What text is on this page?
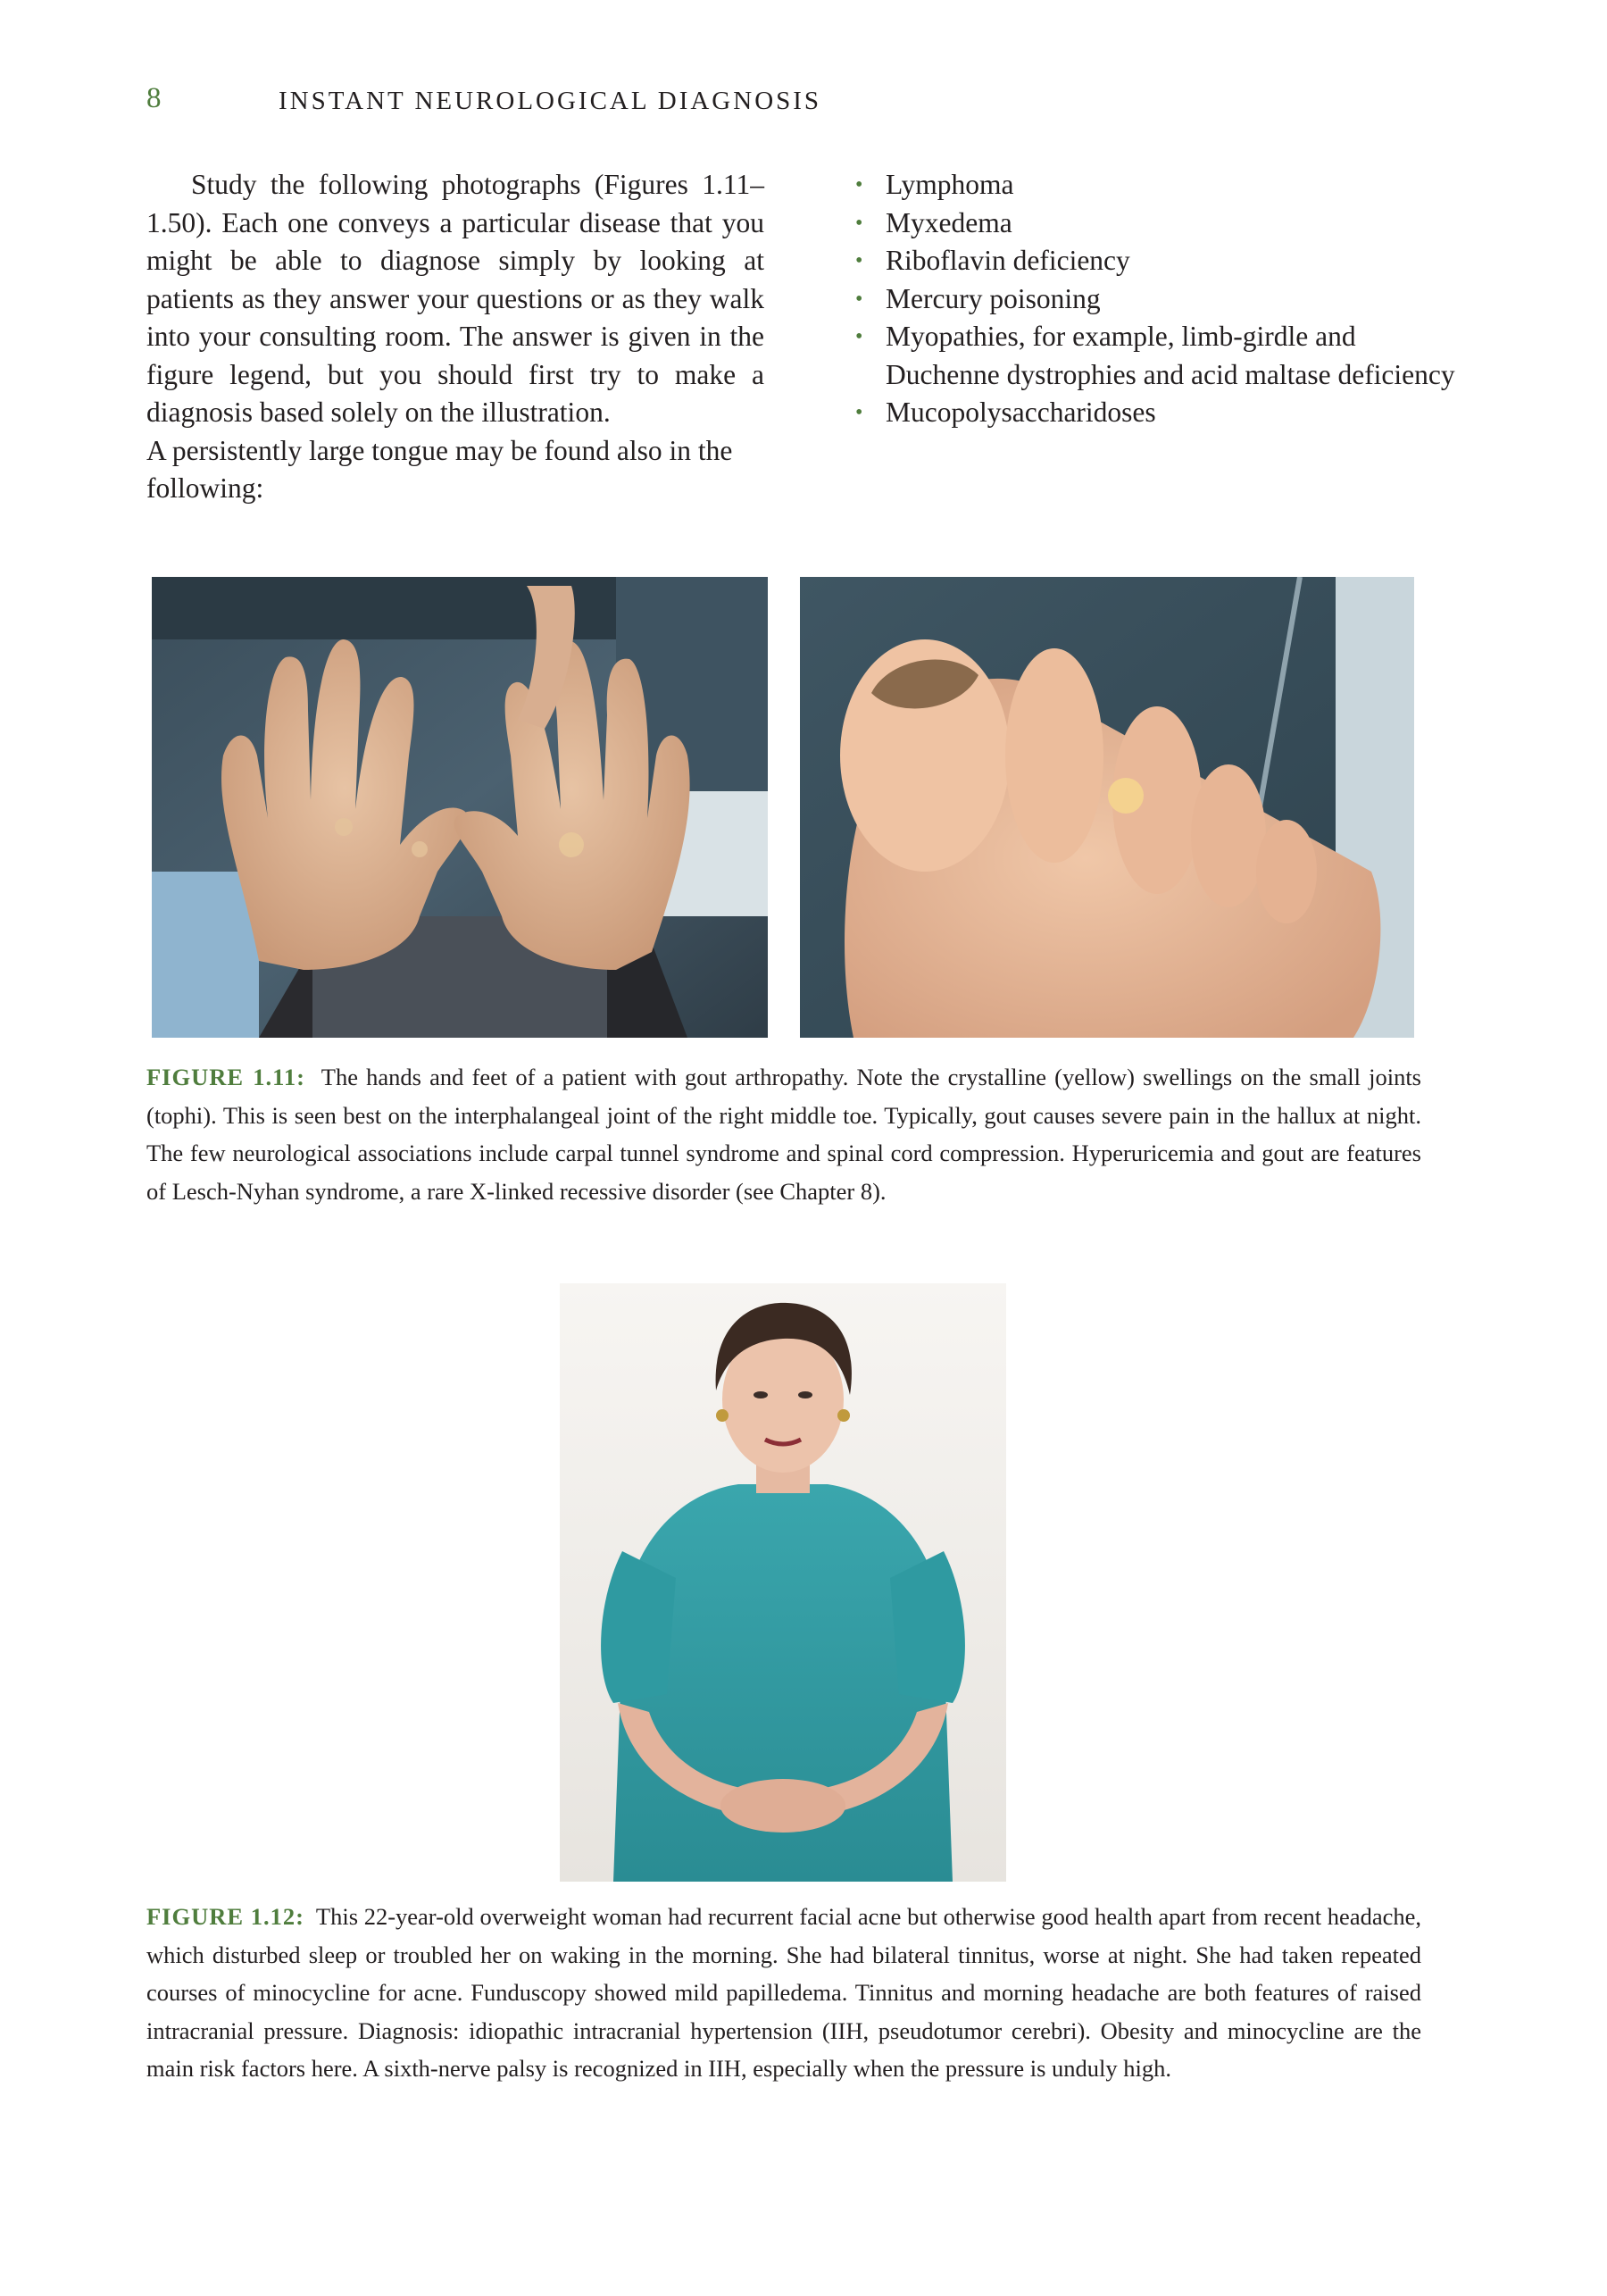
8	INSTANT NEUROLOGICAL DIAGNOSIS

Study the following photographs (Figures 1.11–1.50). Each one conveys a particular disease that you might be able to diagnose simply by looking at patients as they answer your questions or as they walk into your consulting room. The answer is given in the figure legend, but you should first try to make a diagnosis based solely on the illustration.

A persistently large tongue may be found also in the following:

• Lymphoma
• Myxedema
• Riboflavin deficiency
• Mercury poisoning
• Myopathies, for example, limb-girdle and Duchenne dystrophies and acid maltase deficiency
• Mucopolysaccharidoses
FIGURE 1.11: The hands and feet of a patient with gout arthropathy. Note the crystalline (yellow) swellings on the small joints (tophi). This is seen best on the interphalangeal joint of the right middle toe. Typically, gout causes severe pain in the hallux at night. The few neurological associations include carpal tunnel syndrome and spinal cord compression. Hyperuricemia and gout are features of Lesch-Nyhan syndrome, a rare X-linked recessive disorder (see Chapter 8).
FIGURE 1.12: This 22-year-old overweight woman had recurrent facial acne but otherwise good health apart from recent headache, which disturbed sleep or troubled her on waking in the morning. She had bilateral tinnitus, worse at night. She had taken repeated courses of minocycline for acne. Funduscopy showed mild papilledema. Tinnitus and morning headache are both features of raised intracranial pressure. Diagnosis: idiopathic intracranial hypertension (IIH, pseudotumor cerebri). Obesity and minocycline are the main risk factors here. A sixth-nerve palsy is recognized in IIH, especially when the pressure is unduly high.
